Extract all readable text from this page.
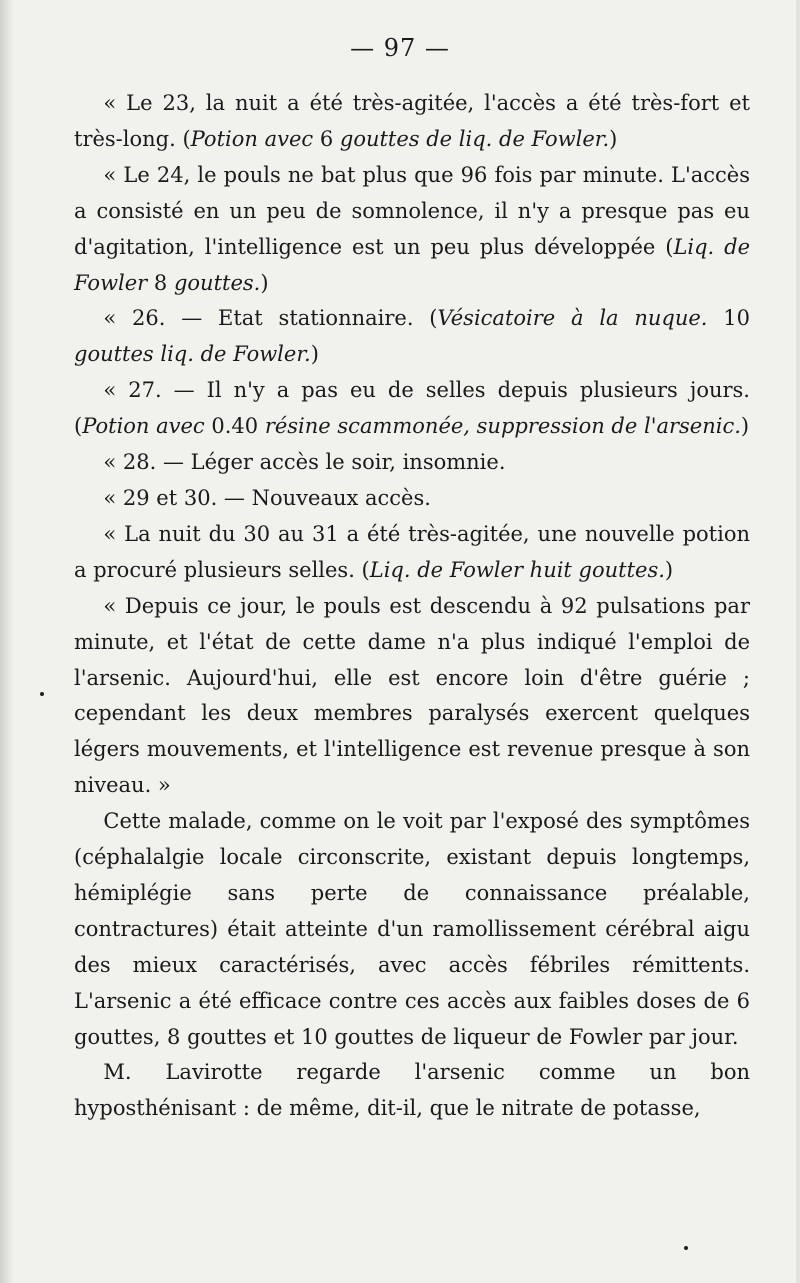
— 97 —

« Le 23, la nuit a été très-agitée, l'accès a été très-fort et très-long. (Potion avec 6 gouttes de liq. de Fowler.)

« Le 24, le pouls ne bat plus que 96 fois par minute. L'accès a consisté en un peu de somnolence, il n'y a presque pas eu d'agitation, l'intelligence est un peu plus développée (Liq. de Fowler 8 gouttes.)

« 26. — Etat stationnaire. (Vésicatoire à la nuque. 10 gouttes liq. de Fowler.)

« 27. — Il n'y a pas eu de selles depuis plusieurs jours. (Potion avec 0.40 résine scammonée, suppression de l'arsenic.)

« 28. — Léger accès le soir, insomnie.

« 29 et 30. — Nouveaux accès.

« La nuit du 30 au 31 a été très-agitée, une nouvelle potion a procuré plusieurs selles. (Liq. de Fowler huit gouttes.)

« Depuis ce jour, le pouls est descendu à 92 pulsations par minute, et l'état de cette dame n'a plus indiqué l'emploi de l'arsenic. Aujourd'hui, elle est encore loin d'être guérie ; cependant les deux membres paralysés exercent quelques légers mouvements, et l'intelligence est revenue presque à son niveau. »

Cette malade, comme on le voit par l'exposé des symptômes (céphalalgie locale circonscrite, existant depuis longtemps, hémiplégie sans perte de connaissance préalable, contractures) était atteinte d'un ramollissement cérébral aigu des mieux caractérisés, avec accès fébriles rémittents. L'arsenic a été efficace contre ces accès aux faibles doses de 6 gouttes, 8 gouttes et 10 gouttes de liqueur de Fowler par jour.

M. Lavirotte regarde l'arsenic comme un bon hyposthénisant : de même, dit-il, que le nitrate de potasse,
